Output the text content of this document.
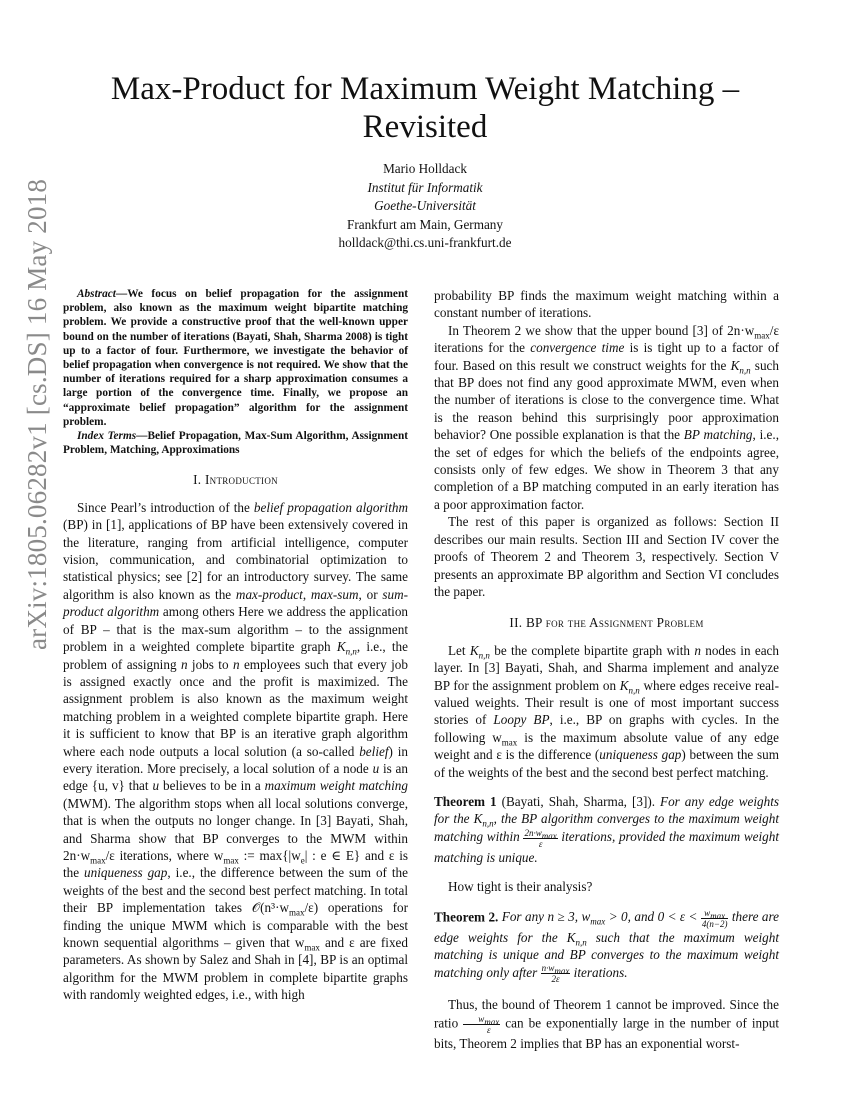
arXiv:1805.06282v1 [cs.DS] 16 May 2018
Max-Product for Maximum Weight Matching –
Revisited
Mario Holldack
Institut für Informatik
Goethe-Universität
Frankfurt am Main, Germany
holldack@thi.cs.uni-frankfurt.de

Abstract—We focus on belief propagation for the assignment problem, also known as the maximum weight bipartite matching problem. We provide a constructive proof that the well-known upper bound on the number of iterations (Bayati, Shah, Sharma 2008) is tight up to a factor of four. Furthermore, we investigate the behavior of belief propagation when convergence is not required. We show that the number of iterations required for a sharp approximation consumes a large portion of the convergence time. Finally, we propose an “approximate belief propagation” algorithm for the assignment problem.

Index Terms—Belief Propagation, Max-Sum Algorithm, Assignment Problem, Matching, Approximations

I. Introduction

Since Pearl’s introduction of the belief propagation algorithm (BP) in [1], applications of BP have been extensively covered in the literature, ranging from artificial intelligence, computer vision, communication, and combinatorial optimization to statistical physics; see [2] for an introductory survey. The same algorithm is also known as the max-product, max-sum, or sum-product algorithm among others Here we address the application of BP – that is the max-sum algorithm – to the assignment problem in a weighted complete bipartite graph $K_{n,n}$, i.e., the problem of assigning n jobs to n employees such that every job is assigned exactly once and the profit is maximized. The assignment problem is also known as the maximum weight matching problem in a weighted complete bipartite graph. Here it is sufficient to know that BP is an iterative graph algorithm where each node outputs a local solution (a so-called belief) in every iteration. More precisely, a local solution of a node u is an edge {u, v} that u believes to be in a maximum weight matching (MWM). The algorithm stops when all local solutions converge, that is when the outputs no longer change. In [3] Bayati, Shah, and Sharma show that BP converges to the MWM within $2n\cdot w_{max}/\varepsilon$ iterations, where $w_{max}$ := $\max\{|w_e|$ : e ∈ E} and ε is the uniqueness gap, i.e., the difference between the sum of the weights of the best and the second best perfect matching. In total their BP implementation takes $𝒪(n^3\cdot w_{max}/\varepsilon)$ operations for finding the unique MWM which is comparable with the best known sequential algorithms – given that $w_{max}$ and ε are fixed parameters. As shown by Salez and Shah in [4], BP is an optimal algorithm for the MWM problem in complete bipartite graphs with randomly weighted edges, i.e., with high

probability BP finds the maximum weight matching within a constant number of iterations.

In Theorem 2 we show that the upper bound [3] of $2n\cdot w_{max}/\varepsilon$ iterations for the convergence time is is tight up to a factor of four. Based on this result we construct weights for the $K_{n,n}$ such that BP does not find any good approximate MWM, even when the number of iterations is close to the convergence time. What is the reason behind this surprisingly poor approximation behavior? One possible explanation is that the BP matching, i.e., the set of edges for which the beliefs of the endpoints agree, consists only of few edges. We show in Theorem 3 that any completion of a BP matching computed in an early iteration has a poor approximation factor.

The rest of this paper is organized as follows: Section II describes our main results. Section III and Section IV cover the proofs of Theorem 2 and Theorem 3, respectively. Section V presents an approximate BP algorithm and Section VI concludes the paper.

II. BP for the Assignment Problem

Let $K_{n,n}$ be the complete bipartite graph with n nodes in each layer. In [3] Bayati, Shah, and Sharma implement and analyze BP for the assignment problem on $K_{n,n}$ where edges receive real-valued weights. Their result is one of most important success stories of Loopy BP, i.e., BP on graphs with cycles. In the following $w_{max}$ is the maximum absolute value of any edge weight and ε is the difference (uniqueness gap) between the sum of the weights of the best and the second best perfect matching.

Theorem 1 (Bayati, Shah, Sharma, [3]). For any edge weights for the $K_{n,n}$, the BP algorithm converges to the maximum weight matching within $\frac{2n\cdot w_{max}}{\varepsilon}$ iterations, provided the maximum weight matching is unique.

How tight is their analysis?

Theorem 2. For any n ≥ 3, $w_{max} > 0$, and $0 < \varepsilon < \frac{w_{max}}{4(n-2)}$ there are edge weights for the $K_{n,n}$ such that the maximum weight matching is unique and BP converges to the maximum weight matching only after $\frac{n\cdot w_{max}}{2\varepsilon}$ iterations.

Thus, the bound of Theorem 1 cannot be improved. Since the ratio $\frac{w_{max}}{\varepsilon}$ can be exponentially large in the number of input bits, Theorem 2 implies that BP has an exponential worst-
